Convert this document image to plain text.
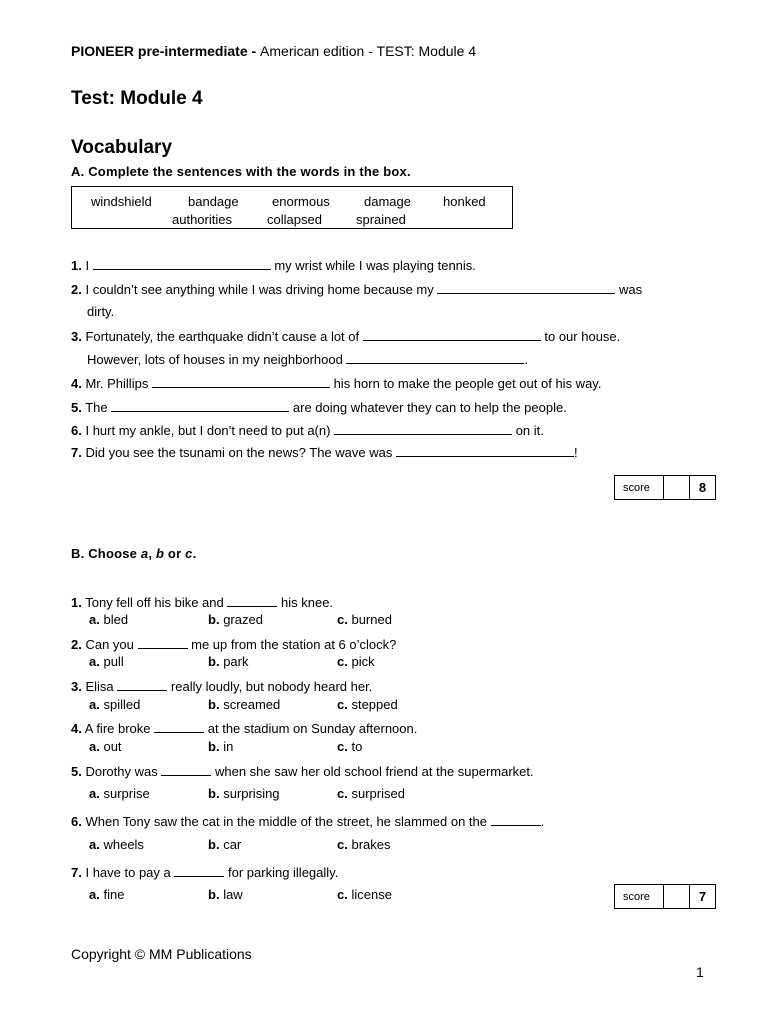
PIONEER pre-intermediate - American edition - TEST: Module 4
Test: Module 4
Vocabulary
A. Complete the sentences with the words in the box.
windshield	bandage	enormous	damage honked
authorities	collapsed	sprained
1. I	my wrist while I was playing tennis.
2. I couldn’t see anything while I was driving home because my	was
dirty.
3. Fortunately, the earthquake didn’t cause a lot of	to our house.
However, lots of houses in my neighborhood	.
4. Mr. Phillips	his horn to make the people get out of his way.
5. The	are doing whatever they can to help the people.
6. I hurt my ankle, but I don’t need to put a(n)	on it.
7. Did you see the tsunami on the news? The wave was	!
score	8
B. Choose a, b or c.
1. Tony fell off his bike and	his knee.
a. bled	b. grazed	c. burned
2. Can you	me up from the station at 6 o’clock?
a. pull	b. park	c. pick
3. Elisa	really loudly, but nobody heard her.
a. spilled	b. screamed	c. stepped
4. A fire broke	at the stadium on Sunday afternoon.
a. out	b. in	c. to
5. Dorothy was	when she saw her old school friend at the supermarket.
a. surprise	b. surprising	c. surprised
6. When Tony saw the cat in the middle of the street, he slammed on the	.
a. wheels	b. car	c. brakes
7. I have to pay a	for parking illegally.
a. fine	b. law	c. license	score	7
Copyright © MM Publications
1
